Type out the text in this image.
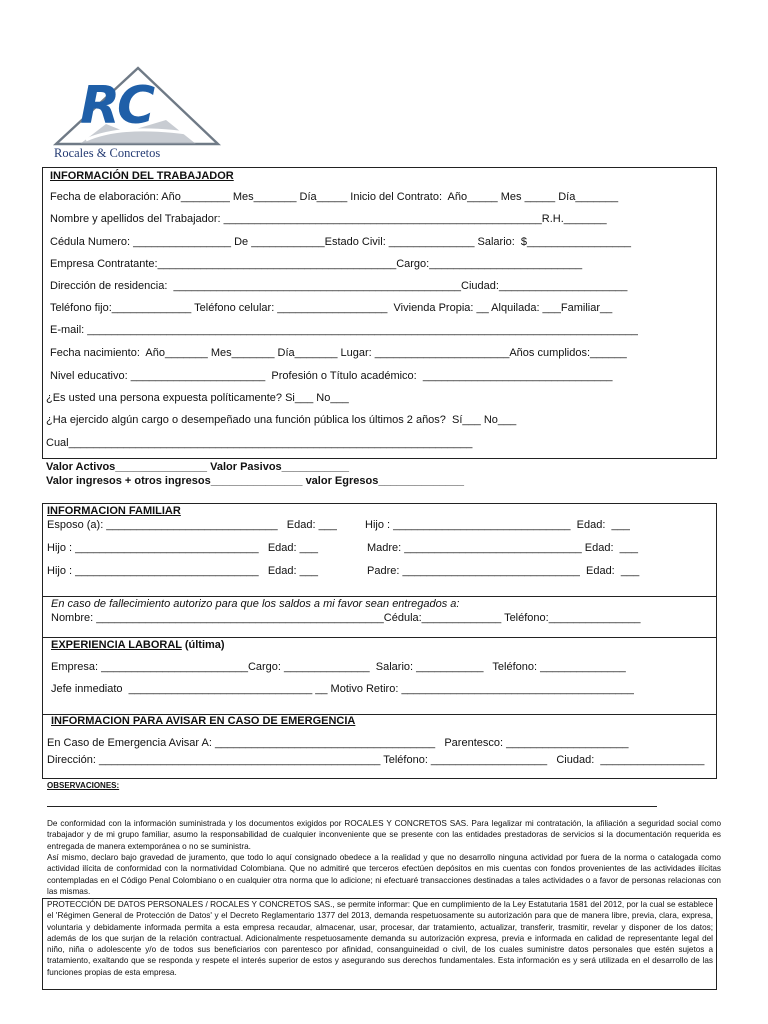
RC

Rocales & Concretos

INFORMACIÓN DEL TRABAJADOR
Fecha de elaboración: Año________ Mes_______ Día_____ Inicio del Contrato:  Año_____ Mes _____ Día_______
Nombre y apellidos del Trabajador: ____________________________________________________R.H._______
Cédula Numero: ________________ De ____________Estado Civil: ______________ Salario:  $_________________
Empresa Contratante:_______________________________________Cargo:_________________________
Dirección de residencia:  _______________________________________________Ciudad:_____________________
Teléfono fijo:_____________ Teléfono celular: __________________  Vivienda Propia: __ Alquilada: ___Familiar__
E-mail: __________________________________________________________________________________________
Fecha nacimiento:  Año_______ Mes_______ Día_______ Lugar: ______________________Años cumplidos:______
Nivel educativo: ______________________  Profesión o Título académico:  _______________________________
¿Es usted una persona expuesta políticamente? Si___ No___
¿Ha ejercido algún cargo o desempeñado una función pública los últimos 2 años?  Sí___ No___
Cual__________________________________________________________________
Valor Activos_______________ Valor Pasivos___________
Valor ingresos + otros ingresos_______________ valor Egresos______________
INFORMACION FAMILIAR
Esposo (a): ____________________________   Edad: ___	Hijo : _____________________________  Edad:  ___
Hijo : ______________________________   Edad: ___	Madre: _____________________________ Edad:  ___
Hijo : ______________________________   Edad: ___	Padre: _____________________________  Edad:  ___
En caso de fallecimiento autorizo para que los saldos a mi favor sean entregados a:
Nombre: _______________________________________________Cédula:_____________ Teléfono:_______________
EXPERIENCIA LABORAL (última)
Empresa: ________________________Cargo: ______________  Salario: ___________   Teléfono: ______________
Jefe inmediato  ______________________________ __ Motivo Retiro: ______________________________________
INFORMACION PARA AVISAR EN CASO DE EMERGENCIA
En Caso de Emergencia Avisar A: ____________________________________   Parentesco: ____________________
Dirección: ______________________________________________ Teléfono: ___________________   Ciudad:  _________________
OBSERVACIONES:
De conformidad con la información suministrada y los documentos exigidos por ROCALES Y CONCRETOS SAS. Para legalizar mi contratación, la afiliación a seguridad social como trabajador y de mi grupo familiar, asumo la responsabilidad de cualquier inconveniente que se presente con las entidades prestadoras de servicios si la documentación requerida es entregada de manera extemporánea o no se suministra.
Así mismo, declaro bajo gravedad de juramento, que todo lo aquí consignado obedece a la realidad y que no desarrollo ninguna actividad por fuera de la norma o catalogada como actividad ilícita de conformidad con la normatividad Colombiana. Que no admitiré que terceros efectúen depósitos en mis cuentas con fondos provenientes de las actividades ilícitas contempladas en el Código Penal Colombiano o en cualquier otra norma que lo adicione; ni efectuaré transacciones destinadas a tales actividades o a favor de personas relacionas con las mismas.
PROTECCIÓN DE DATOS PERSONALES / ROCALES Y CONCRETOS SAS., se permite informar: Que en cumplimiento de la Ley Estatutaria 1581 del 2012, por la cual se establece el 'Régimen General de Protección de Datos' y el Decreto Reglamentario 1377 del 2013, demanda respetuosamente su autorización para que de manera libre, previa, clara, expresa, voluntaria y debidamente informada permita a esta empresa recaudar, almacenar, usar, procesar, dar tratamiento, actualizar, transferir, trasmitir, revelar y disponer de los datos; además de los que surjan de la relación contractual. Adicionalmente respetuosamente demanda su autorización expresa, previa e informada en calidad de representante legal del niño, niña o adolescente y/o de todos sus beneficiarios con parentesco por afinidad, consanguineidad o civil, de los cuales suministre datos personales que estén sujetos a tratamiento, exaltando que se responda y respete el interés superior de estos y asegurando sus derechos fundamentales. Esta información es y será utilizada en el desarrollo de las funciones propias de esta empresa.
